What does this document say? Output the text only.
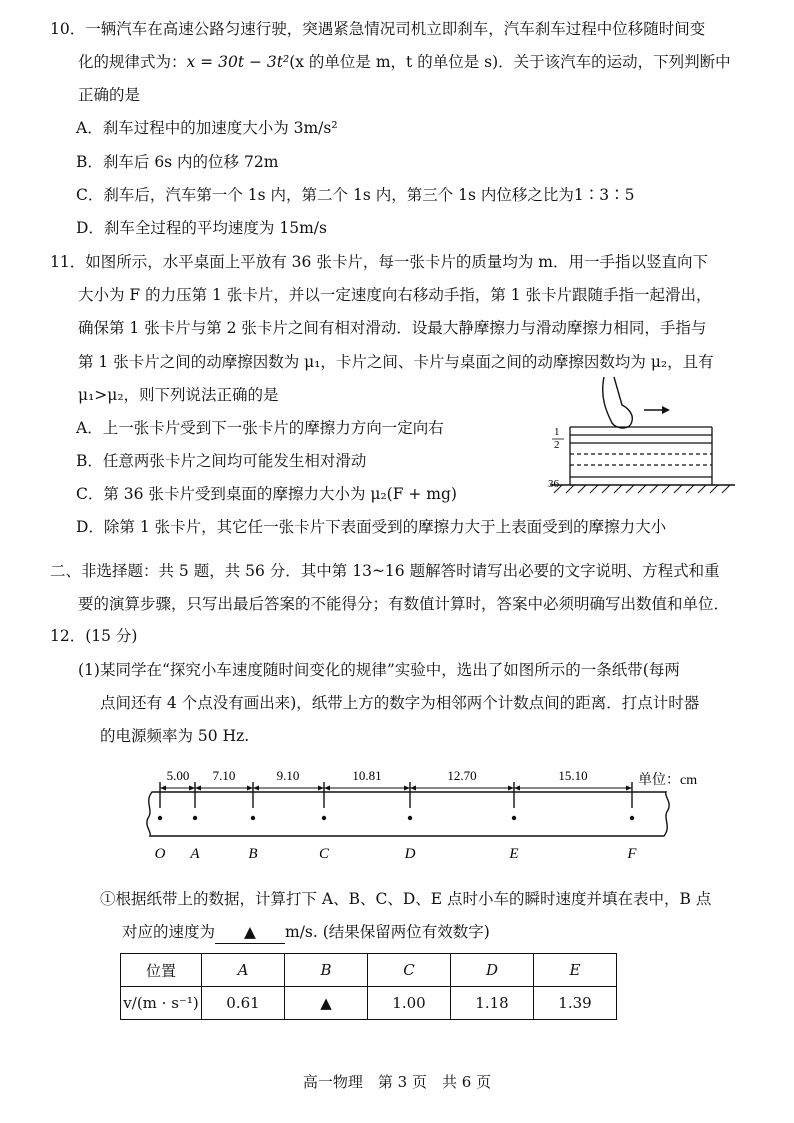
10．一辆汽车在高速公路匀速行驶，突遇紧急情况司机立即刹车，汽车刹车过程中位移随时间变
化的规律式为：x = 30t − 3t²(x 的单位是 m，t 的单位是 s)．关于该汽车的运动，下列判断中
正确的是
A．刹车过程中的加速度大小为 3m/s²
B．刹车后 6s 内的位移 72m
C．刹车后，汽车第一个 1s 内，第二个 1s 内，第三个 1s 内位移之比为1∶3∶5
D．刹车全过程的平均速度为 15m/s
11．如图所示，水平桌面上平放有 36 张卡片，每一张卡片的质量均为 m．用一手指以竖直向下
大小为 F 的力压第 1 张卡片，并以一定速度向右移动手指，第 1 张卡片跟随手指一起滑出，
确保第 1 张卡片与第 2 张卡片之间有相对滑动．设最大静摩擦力与滑动摩擦力相同，手指与
第 1 张卡片之间的动摩擦因数为 μ₁，卡片之间、卡片与桌面之间的动摩擦因数均为 μ₂，且有
μ₁>μ₂，则下列说法正确的是
A．上一张卡片受到下一张卡片的摩擦力方向一定向右
B．任意两张卡片之间均可能发生相对滑动
C．第 36 张卡片受到桌面的摩擦力大小为 μ₂(F + mg)
D．除第 1 张卡片，其它任一张卡片下表面受到的摩擦力大于上表面受到的摩擦力大小
1
2
36
二、非选择题：共 5 题，共 56 分．其中第 13~16 题解答时请写出必要的文字说明、方程式和重
要的演算步骤，只写出最后答案的不能得分；有数值计算时，答案中必须明确写出数值和单位．
12．(15 分)
(1)某同学在“探究小车速度随时间变化的规律”实验中，选出了如图所示的一条纸带(每两
点间还有 4 个点没有画出来)，纸带上方的数字为相邻两个计数点间的距离．打点计时器
的电源频率为 50 Hz.
5.00 7.10	9.10	10.81	12.70	15.10	单位：cm
O A	B	C	D	E	F
①根据纸带上的数据，计算打下 A、B、C、D、E 点时小车的瞬时速度并填在表中，B 点
对应的速度为 ▲ m/s. (结果保留两位有效数字)
位置	A	B	C	D	E
v/(m · s⁻¹)	0.61	▲	1.00	1.18	1.39
高一物理　第 3 页　共 6 页
